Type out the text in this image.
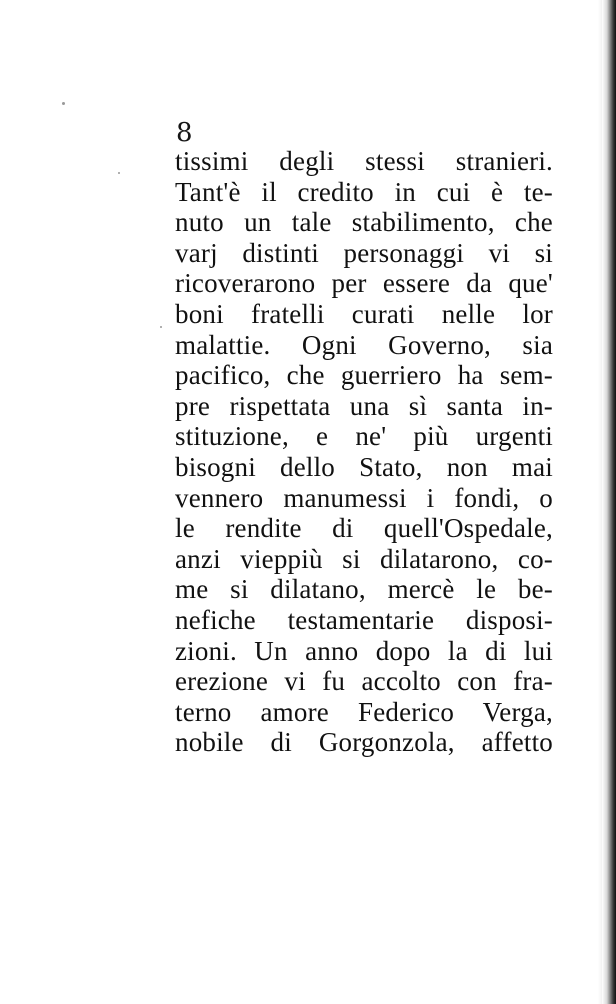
8
tissimi degli stessi stranieri.
Tant'è il credito in cui è te-
nuto un tale stabilimento, che
varj distinti personaggi vi si
ricoverarono per essere da que'
boni fratelli curati nelle lor
malattie. Ogni Governo, sia
pacifico, che guerriero ha sem-
pre rispettata una sì santa in-
stituzione, e ne' più urgenti
bisogni dello Stato, non mai
vennero manumessi i fondi, o
le rendite di quell'Ospedale,
anzi vieppiù si dilatarono, co-
me si dilatano, mercè le be-
nefiche testamentarie disposi-
zioni. Un anno dopo la di lui
erezione vi fu accolto con fra-
terno amore Federico Verga,
nobile di Gorgonzola, affetto
